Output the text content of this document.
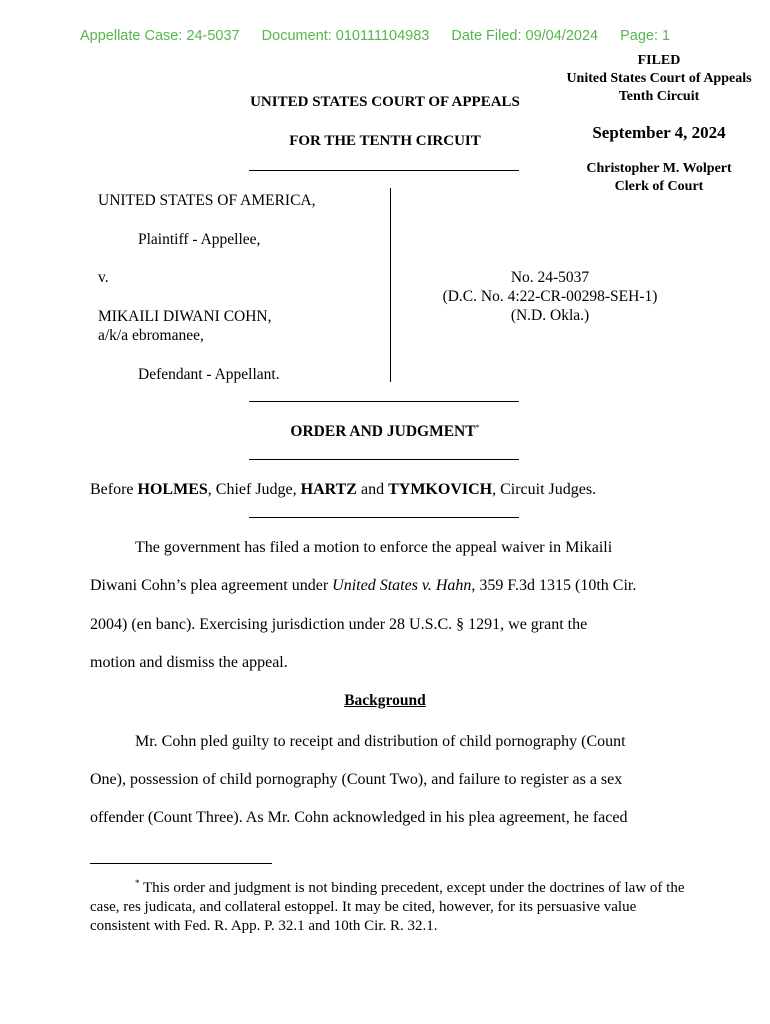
Appellate Case: 24-5037 Document: 010111104983 Date Filed: 09/04/2024 Page: 1
FILED
United States Court of Appeals
Tenth Circuit
September 4, 2024
Christopher M. Wolpert
Clerk of Court
UNITED STATES COURT OF APPEALS
FOR THE TENTH CIRCUIT
UNITED STATES OF AMERICA,
Plaintiff - Appellee,
v.
MIKAILI DIWANI COHN,
a/k/a ebromanee,
Defendant - Appellant.
No. 24-5037
(D.C. No. 4:22-CR-00298-SEH-1)
(N.D. Okla.)
ORDER AND JUDGMENT*
Before HOLMES, Chief Judge, HARTZ and TYMKOVICH, Circuit Judges.
The government has filed a motion to enforce the appeal waiver in Mikaili
Diwani Cohn’s plea agreement under United States v. Hahn, 359 F.3d 1315 (10th Cir.
2004) (en banc). Exercising jurisdiction under 28 U.S.C. § 1291, we grant the
motion and dismiss the appeal.
Background
Mr. Cohn pled guilty to receipt and distribution of child pornography (Count
One), possession of child pornography (Count Two), and failure to register as a sex
offender (Count Three). As Mr. Cohn acknowledged in his plea agreement, he faced
* This order and judgment is not binding precedent, except under the doctrines of law of the case, res judicata, and collateral estoppel. It may be cited, however, for its persuasive value consistent with Fed. R. App. P. 32.1 and 10th Cir. R. 32.1.
